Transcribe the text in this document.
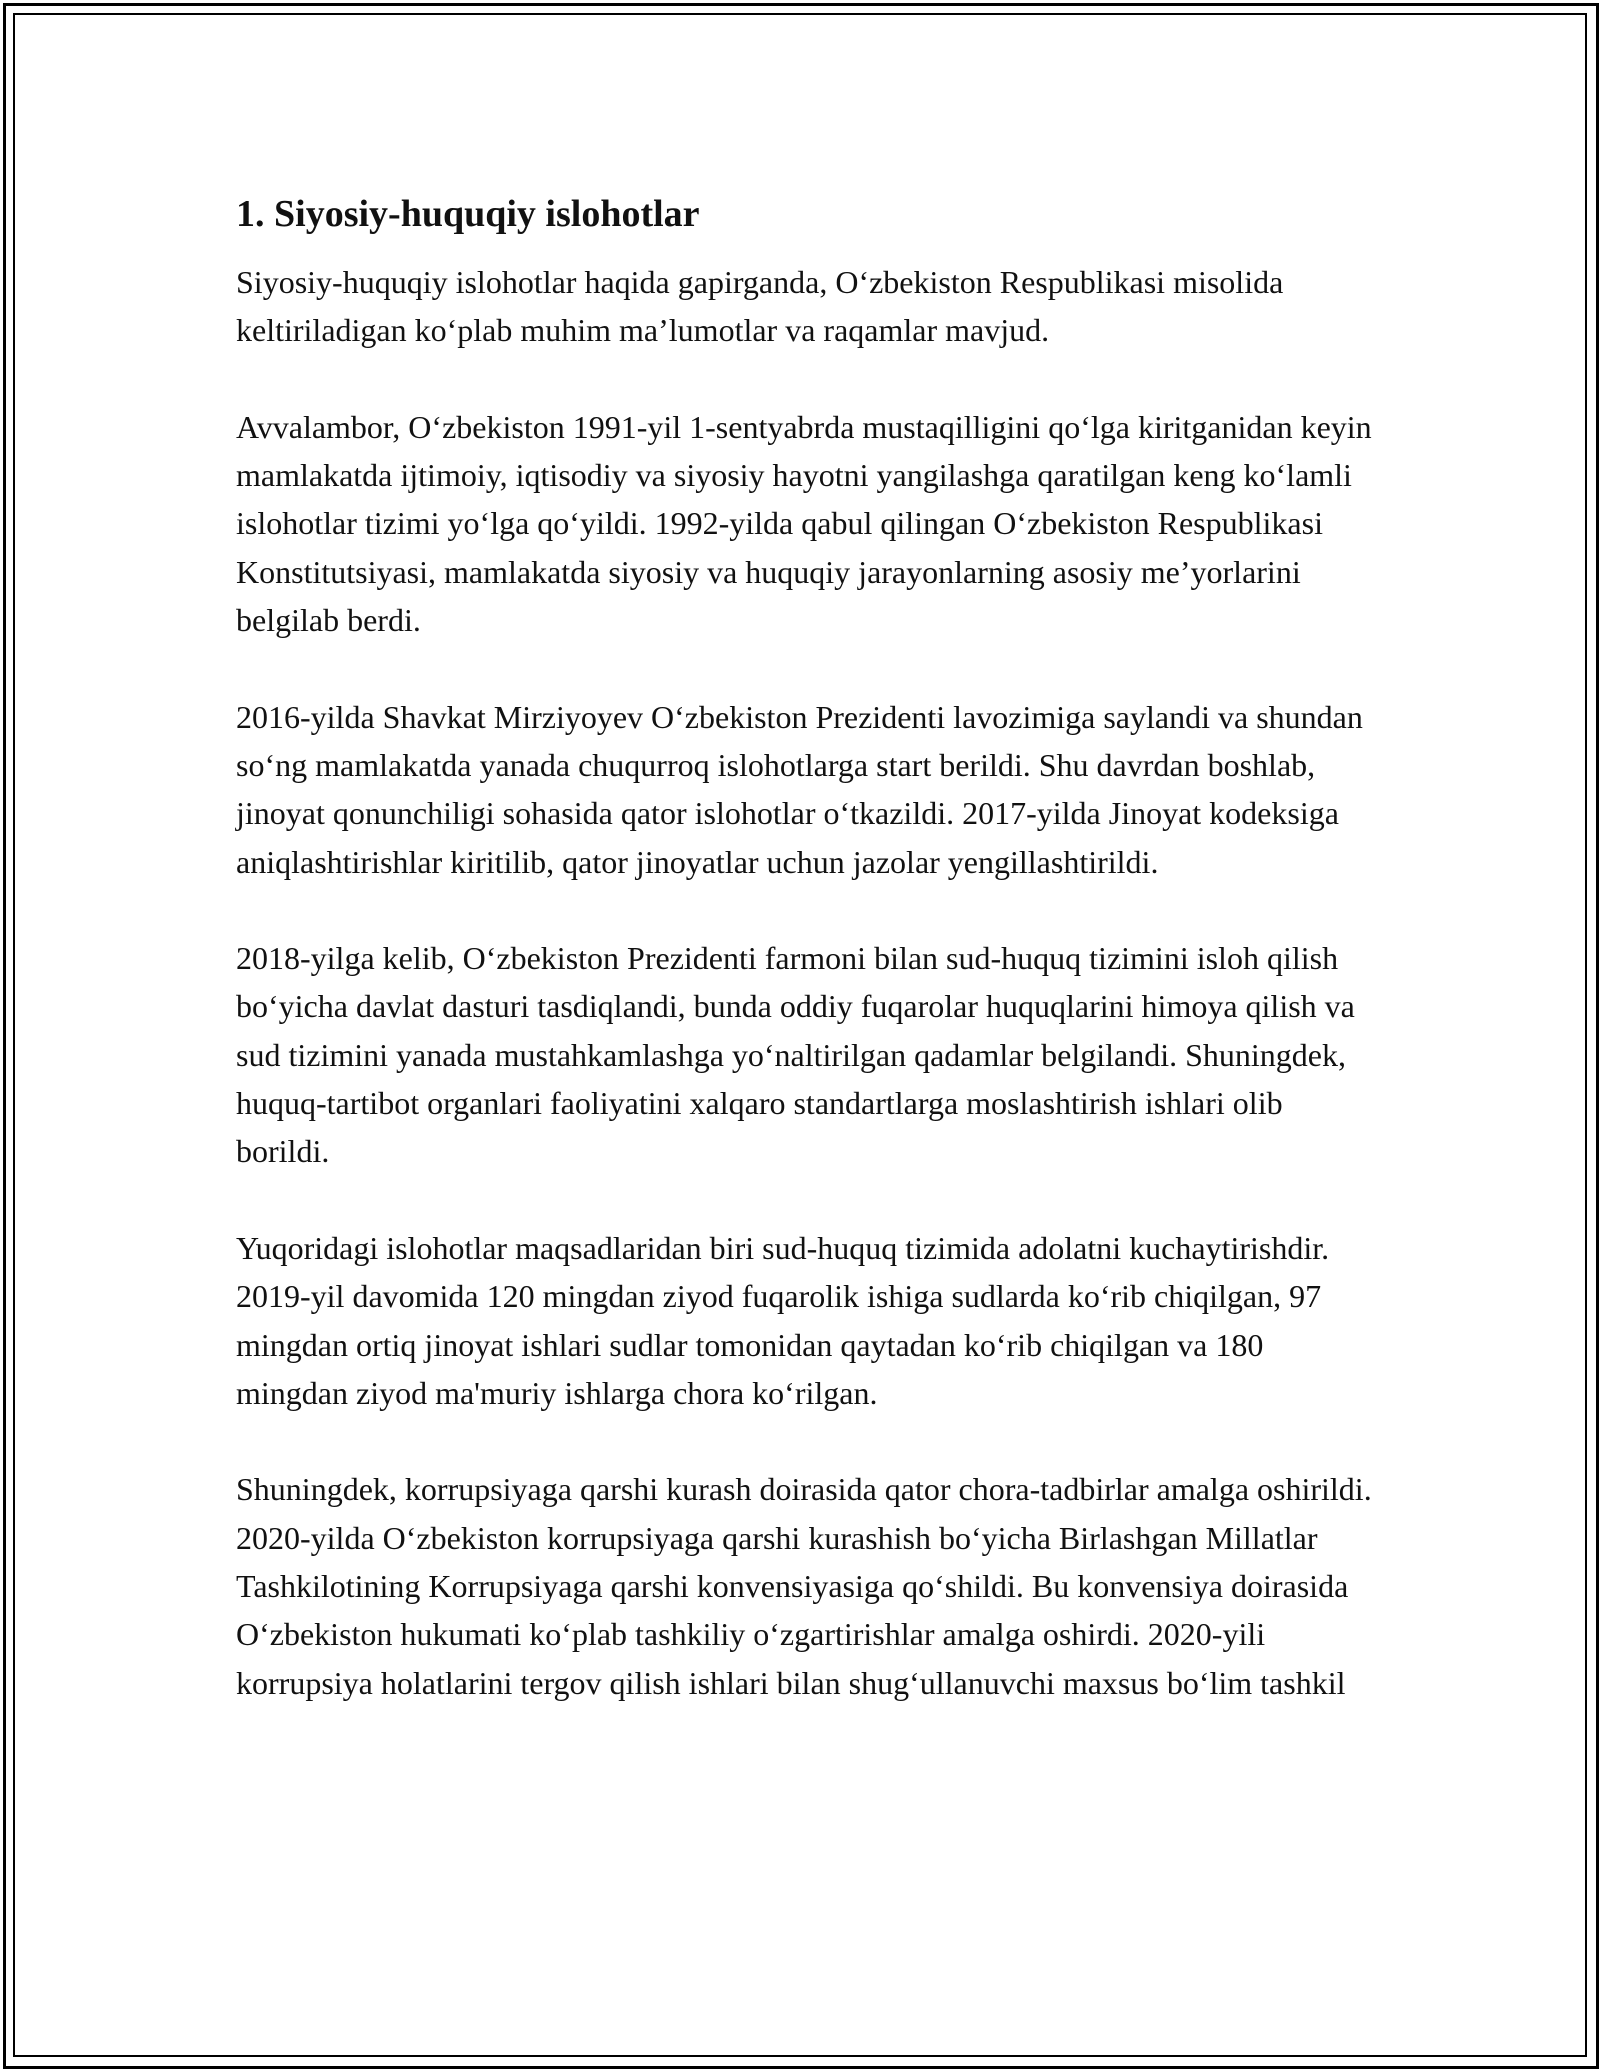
1. Siyosiy-huquqiy islohotlar

Siyosiy-huquqiy islohotlar haqida gapirganda, O‘zbekiston Respublikasi misolida keltiriladigan ko‘plab muhim ma’lumotlar va raqamlar mavjud.

Avvalambor, O‘zbekiston 1991-yil 1-sentyabrda mustaqilligini qo‘lga kiritganidan keyin mamlakatda ijtimoiy, iqtisodiy va siyosiy hayotni yangilashga qaratilgan keng ko‘lamli islohotlar tizimi yo‘lga qo‘yildi. 1992-yilda qabul qilingan O‘zbekiston Respublikasi Konstitutsiyasi, mamlakatda siyosiy va huquqiy jarayonlarning asosiy me’yorlarini belgilab berdi.

2016-yilda Shavkat Mirziyoyev O‘zbekiston Prezidenti lavozimiga saylandi va shundan so‘ng mamlakatda yanada chuqurroq islohotlarga start berildi. Shu davrdan boshlab, jinoyat qonunchiligi sohasida qator islohotlar o‘tkazildi. 2017-yilda Jinoyat kodeksiga aniqlashtirishlar kiritilib, qator jinoyatlar uchun jazolar yengillashtirildi.

2018-yilga kelib, O‘zbekiston Prezidenti farmoni bilan sud-huquq tizimini isloh qilish bo‘yicha davlat dasturi tasdiqlandi, bunda oddiy fuqarolar huquqlarini himoya qilish va sud tizimini yanada mustahkamlashga yo‘naltirilgan qadamlar belgilandi. Shuningdek, huquq-tartibot organlari faoliyatini xalqaro standartlarga moslashtirish ishlari olib borildi.

Yuqoridagi islohotlar maqsadlaridan biri sud-huquq tizimida adolatni kuchaytirishdir. 2019-yil davomida 120 mingdan ziyod fuqarolik ishiga sudlarda ko‘rib chiqilgan, 97 mingdan ortiq jinoyat ishlari sudlar tomonidan qaytadan ko‘rib chiqilgan va 180 mingdan ziyod ma'muriy ishlarga chora ko‘rilgan.

Shuningdek, korrupsiyaga qarshi kurash doirasida qator chora-tadbirlar amalga oshirildi. 2020-yilda O‘zbekiston korrupsiyaga qarshi kurashish bo‘yicha Birlashgan Millatlar Tashkilotining Korrupsiyaga qarshi konvensiyasiga qo‘shildi. Bu konvensiya doirasida O‘zbekiston hukumati ko‘plab tashkiliy o‘zgartirishlar amalga oshirdi. 2020-yili korrupsiya holatlarini tergov qilish ishlari bilan shug‘ullanuvchi maxsus bo‘lim tashkil
